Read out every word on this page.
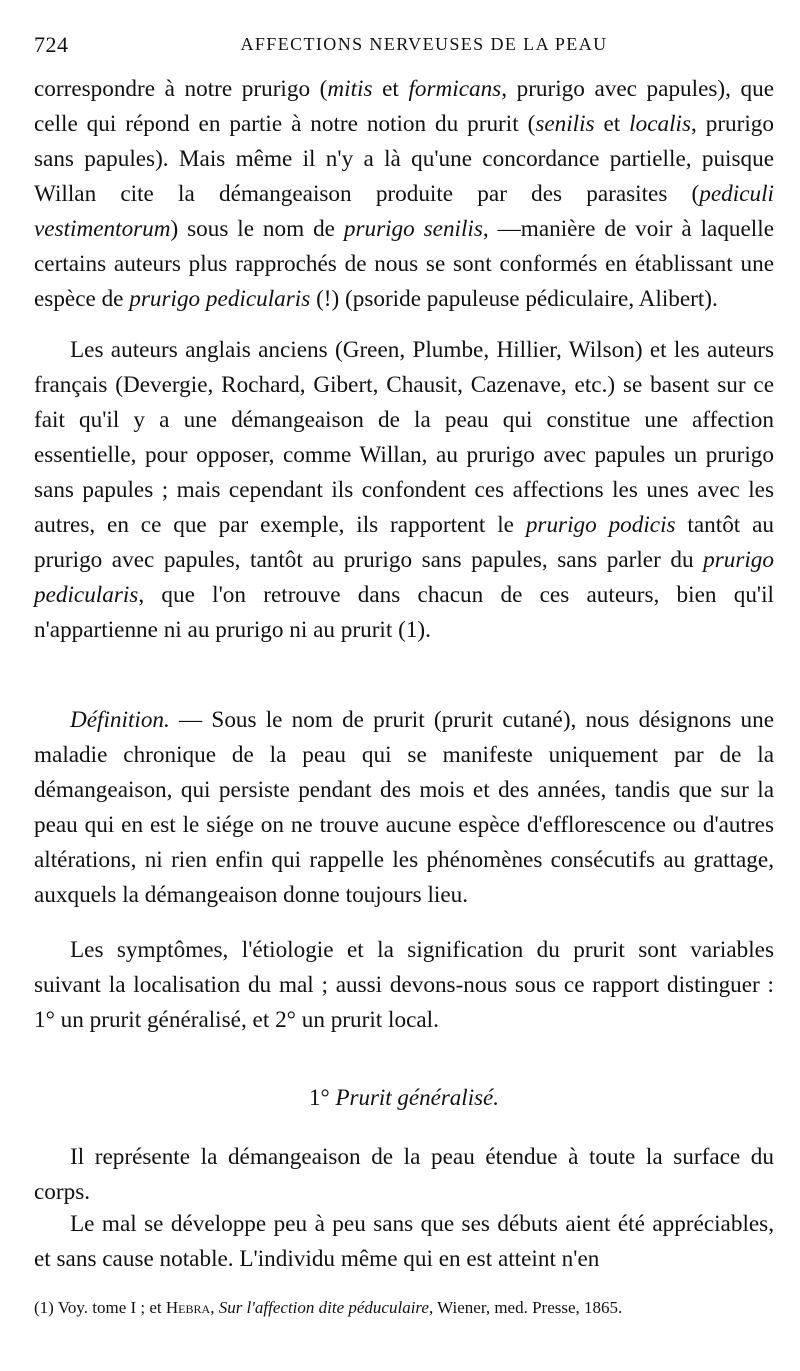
724	AFFECTIONS NERVEUSES DE LA PEAU

correspondre à notre prurigo (mitis et formicans, prurigo avec papules), que celle qui répond en partie à notre notion du prurit (senilis et localis, prurigo sans papules). Mais même il n'y a là qu'une concordance partielle, puisque Willan cite la démangeaison produite par des parasites (pediculi vestimentorum) sous le nom de prurigo senilis, —manière de voir à laquelle certains auteurs plus rapprochés de nous se sont conformés en établissant une espèce de prurigo pedicularis (!) (psoride papuleuse pédiculaire, Alibert).

Les auteurs anglais anciens (Green, Plumbe, Hillier, Wilson) et les auteurs français (Devergie, Rochard, Gibert, Chausit, Cazenave, etc.) se basent sur ce fait qu'il y a une démangeaison de la peau qui constitue une affection essentielle, pour opposer, comme Willan, au prurigo avec papules un prurigo sans papules ; mais cependant ils confondent ces affections les unes avec les autres, en ce que par exemple, ils rapportent le prurigo podicis tantôt au prurigo avec papules, tantôt au prurigo sans papules, sans parler du prurigo pedicularis, que l'on retrouve dans chacun de ces auteurs, bien qu'il n'appartienne ni au prurigo ni au prurit (1).

Définition. — Sous le nom de prurit (prurit cutané), nous désignons une maladie chronique de la peau qui se manifeste uniquement par de la démangeaison, qui persiste pendant des mois et des années, tandis que sur la peau qui en est le siége on ne trouve aucune espèce d'efflorescence ou d'autres altérations, ni rien enfin qui rappelle les phénomènes consécutifs au grattage, auxquels la démangeaison donne toujours lieu.

Les symptômes, l'étiologie et la signification du prurit sont variables suivant la localisation du mal ; aussi devons-nous sous ce rapport distinguer : 1° un prurit généralisé, et 2° un prurit local.

1° Prurit généralisé.

Il représente la démangeaison de la peau étendue à toute la surface du corps.

Le mal se développe peu à peu sans que ses débuts aient été appréciables, et sans cause notable. L'individu même qui en est atteint n'en

(1) Voy. tome I ; et Hebra, Sur l'affection dite péduculaire, Wiener, med. Presse, 1865.
